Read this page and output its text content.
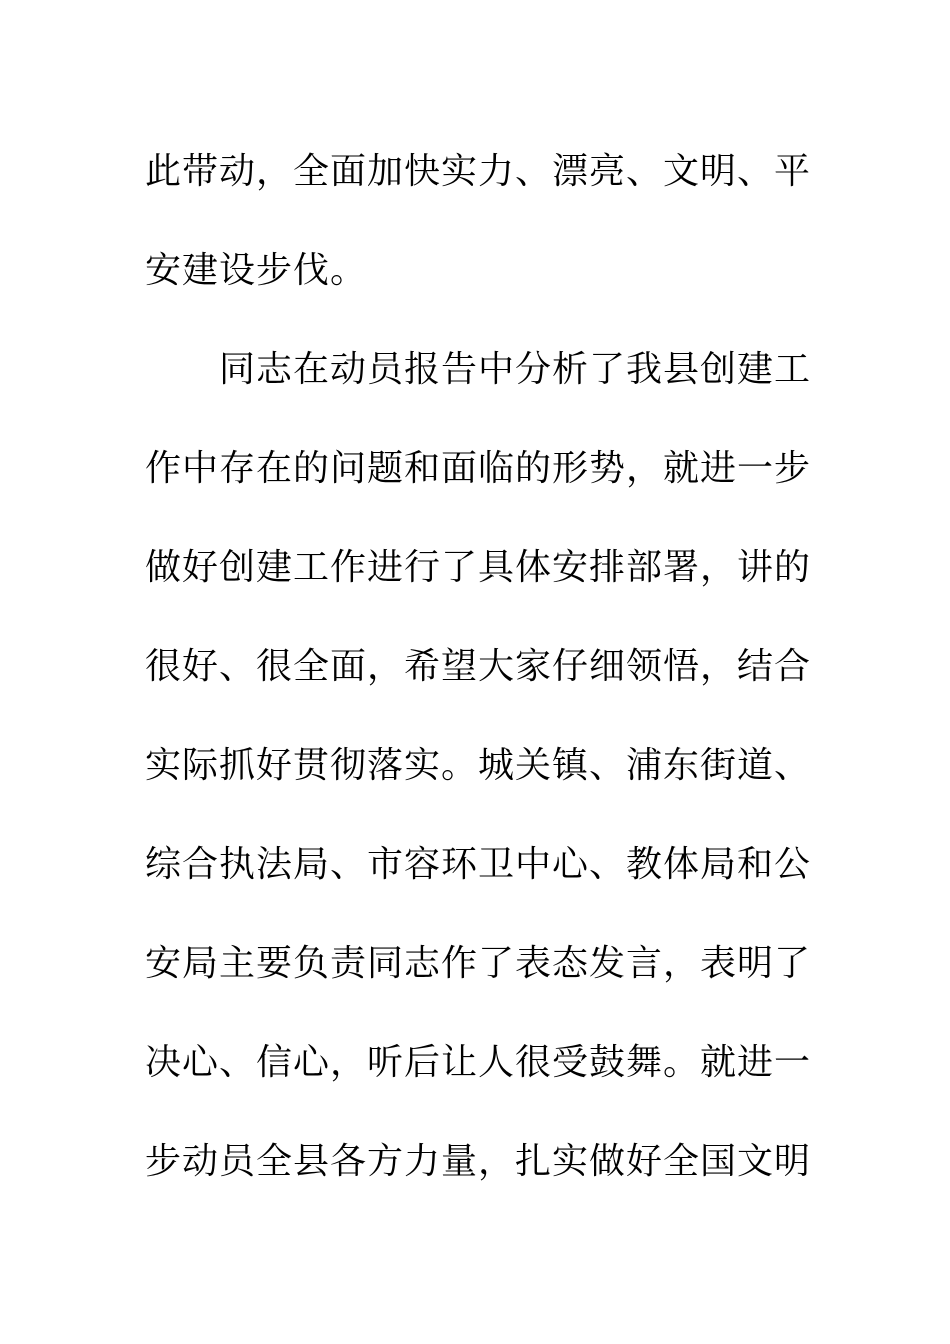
此带动，全面加快实力、漂亮、文明、平
安建设步伐。
同志在动员报告中分析了我县创建工
作中存在的问题和面临的形势，就进一步
做好创建工作进行了具体安排部署，讲的
很好、很全面，希望大家仔细领悟，结合
实际抓好贯彻落实。城关镇、浦东街道、
综合执法局、市容环卫中心、教体局和公
安局主要负责同志作了表态发言，表明了
决心、信心，听后让人很受鼓舞。就进一
步动员全县各方力量，扎实做好全国文明
